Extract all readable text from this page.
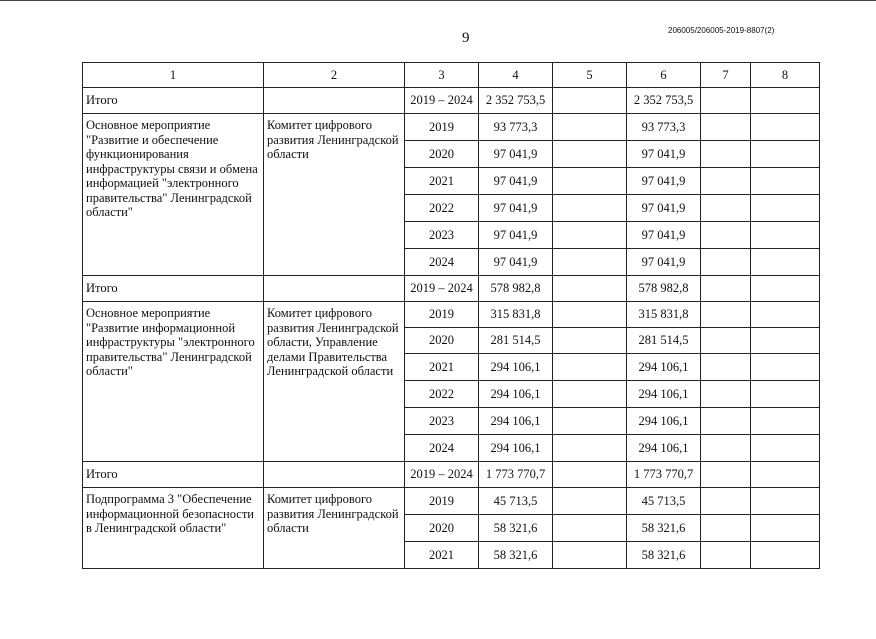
9	206005/206005-2019-8807(2)
1	2	3	4	5	6	7	8
Итого		2019 – 2024	2 352 753,5		2 352 753,5		
Основное мероприятие "Развитие и обеспечение функционирования инфраструктуры связи и обмена информацией "электронного правительства" Ленинградской области"	Комитет цифрового развития Ленинградской области	2019	93 773,3		93 773,3		
		2020	97 041,9		97 041,9		
		2021	97 041,9		97 041,9		
		2022	97 041,9		97 041,9		
		2023	97 041,9		97 041,9		
		2024	97 041,9		97 041,9		
Итого		2019 – 2024	578 982,8		578 982,8		
Основное мероприятие "Развитие информационной инфраструктуры "электронного правительства" Ленинградской области"	Комитет цифрового развития Ленинградской области, Управление делами Правительства Ленинградской области	2019	315 831,8		315 831,8		
		2020	281 514,5		281 514,5		
		2021	294 106,1		294 106,1		
		2022	294 106,1		294 106,1		
		2023	294 106,1		294 106,1		
		2024	294 106,1		294 106,1		
Итого		2019 – 2024	1 773 770,7		1 773 770,7		
Подпрограмма 3 "Обеспечение информационной безопасности в Ленинградской области"	Комитет цифрового развития Ленинградской области	2019	45 713,5		45 713,5		
		2020	58 321,6		58 321,6		
		2021	58 321,6		58 321,6		
